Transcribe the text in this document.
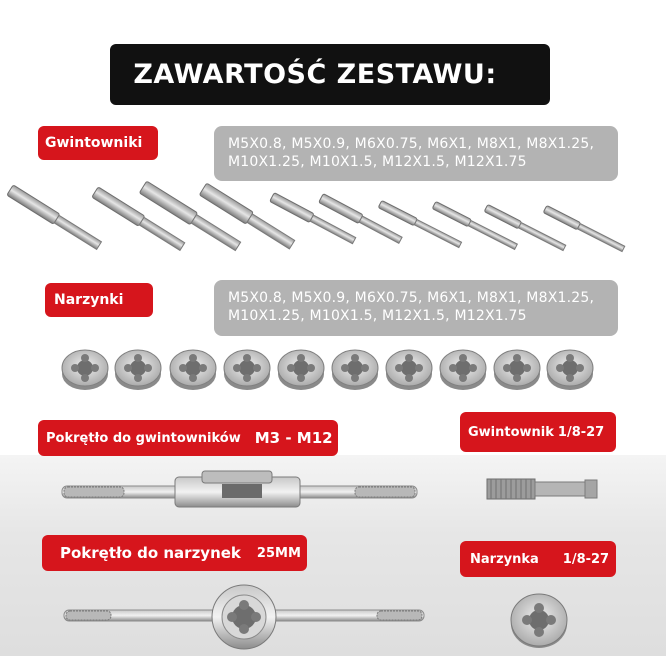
ZAWARTOŚĆ ZESTAWU:
Gwintowniki	M5X0.8, M5X0.9, M6X0.75, M6X1, M8X1, M8X1.25, M10X1.25, M10X1.5, M12X1.5, M12X1.75
Narzynki	M5X0.8, M5X0.9, M6X0.75, M6X1, M8X1, M8X1.25, M10X1.25, M10X1.5, M12X1.5, M12X1.75
Pokrętło do gwintowników M3 - M12	Gwintownik 1/8-27
Pokrętło do narzynek 25MM	Narzynka 1/8-27
